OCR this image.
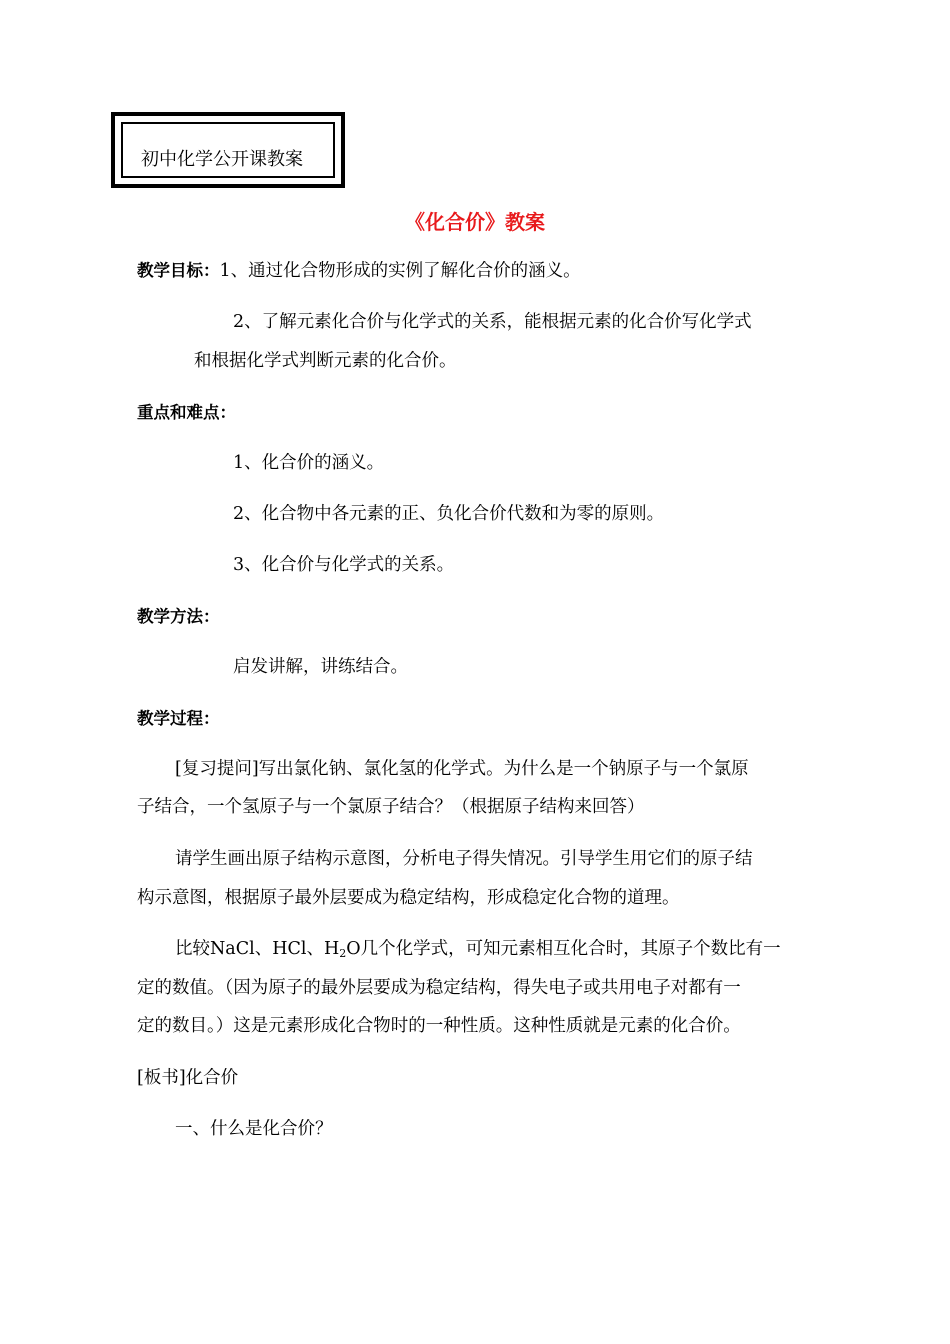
初中化学公开课教案
《化合价》教案
教学目标：1、通过化合物形成的实例了解化合价的涵义。
2、了解元素化合价与化学式的关系，能根据元素的化合价写化学式
和根据化学式判断元素的化合价。
重点和难点：
1、化合价的涵义。
2、化合物中各元素的正、负化合价代数和为零的原则。
3、化合价与化学式的关系。
教学方法：
启发讲解，讲练结合。
教学过程：
[复习提问]写出氯化钠、氯化氢的化学式。为什么是一个钠原子与一个氯原
子结合，一个氢原子与一个氯原子结合？（根据原子结构来回答）
请学生画出原子结构示意图，分析电子得失情况。引导学生用它们的原子结
构示意图，根据原子最外层要成为稳定结构，形成稳定化合物的道理。
比较NaCl、HCl、$H_2O$几个化学式，可知元素相互化合时，其原子个数比有一
定的数值。（因为原子的最外层要成为稳定结构，得失电子或共用电子对都有一
定的数目。）这是元素形成化合物时的一种性质。这种性质就是元素的化合价。
[板书]化合价
一、什么是化合价？
